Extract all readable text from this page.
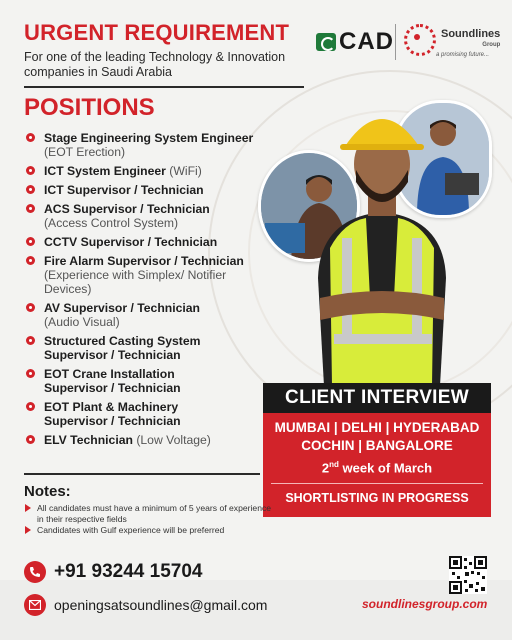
URGENT REQUIREMENT
For one of the leading Technology & Innovation companies in Saudi Arabia
CAD	Soundlines
Group
a promising future...
POSITIONS
Stage Engineering System Engineer
(EOT Erection)
ICT System Engineer (WiFi)
ICT Supervisor / Technician
ACS Supervisor / Technician
(Access Control System)
CCTV Supervisor / Technician
Fire Alarm Supervisor / Technician
(Experience with Simplex/ Notifier Devices)
AV Supervisor / Technician
(Audio Visual)
Structured Casting System Supervisor / Technician
EOT Crane Installation Supervisor / Technician
EOT Plant & Machinery Supervisor / Technician
ELV Technician (Low Voltage)
CLIENT INTERVIEW
MUMBAI | DELHI | HYDERABAD
COCHIN | BANGALORE
2nd week of March
SHORTLISTING IN PROGRESS
Notes:
All candidates must have a minimum of 5 years of experience in their respective fields
Candidates with Gulf experience will be preferred
+91 93244 15704
openingsatsoundlines@gmail.com	soundlinesgroup.com
